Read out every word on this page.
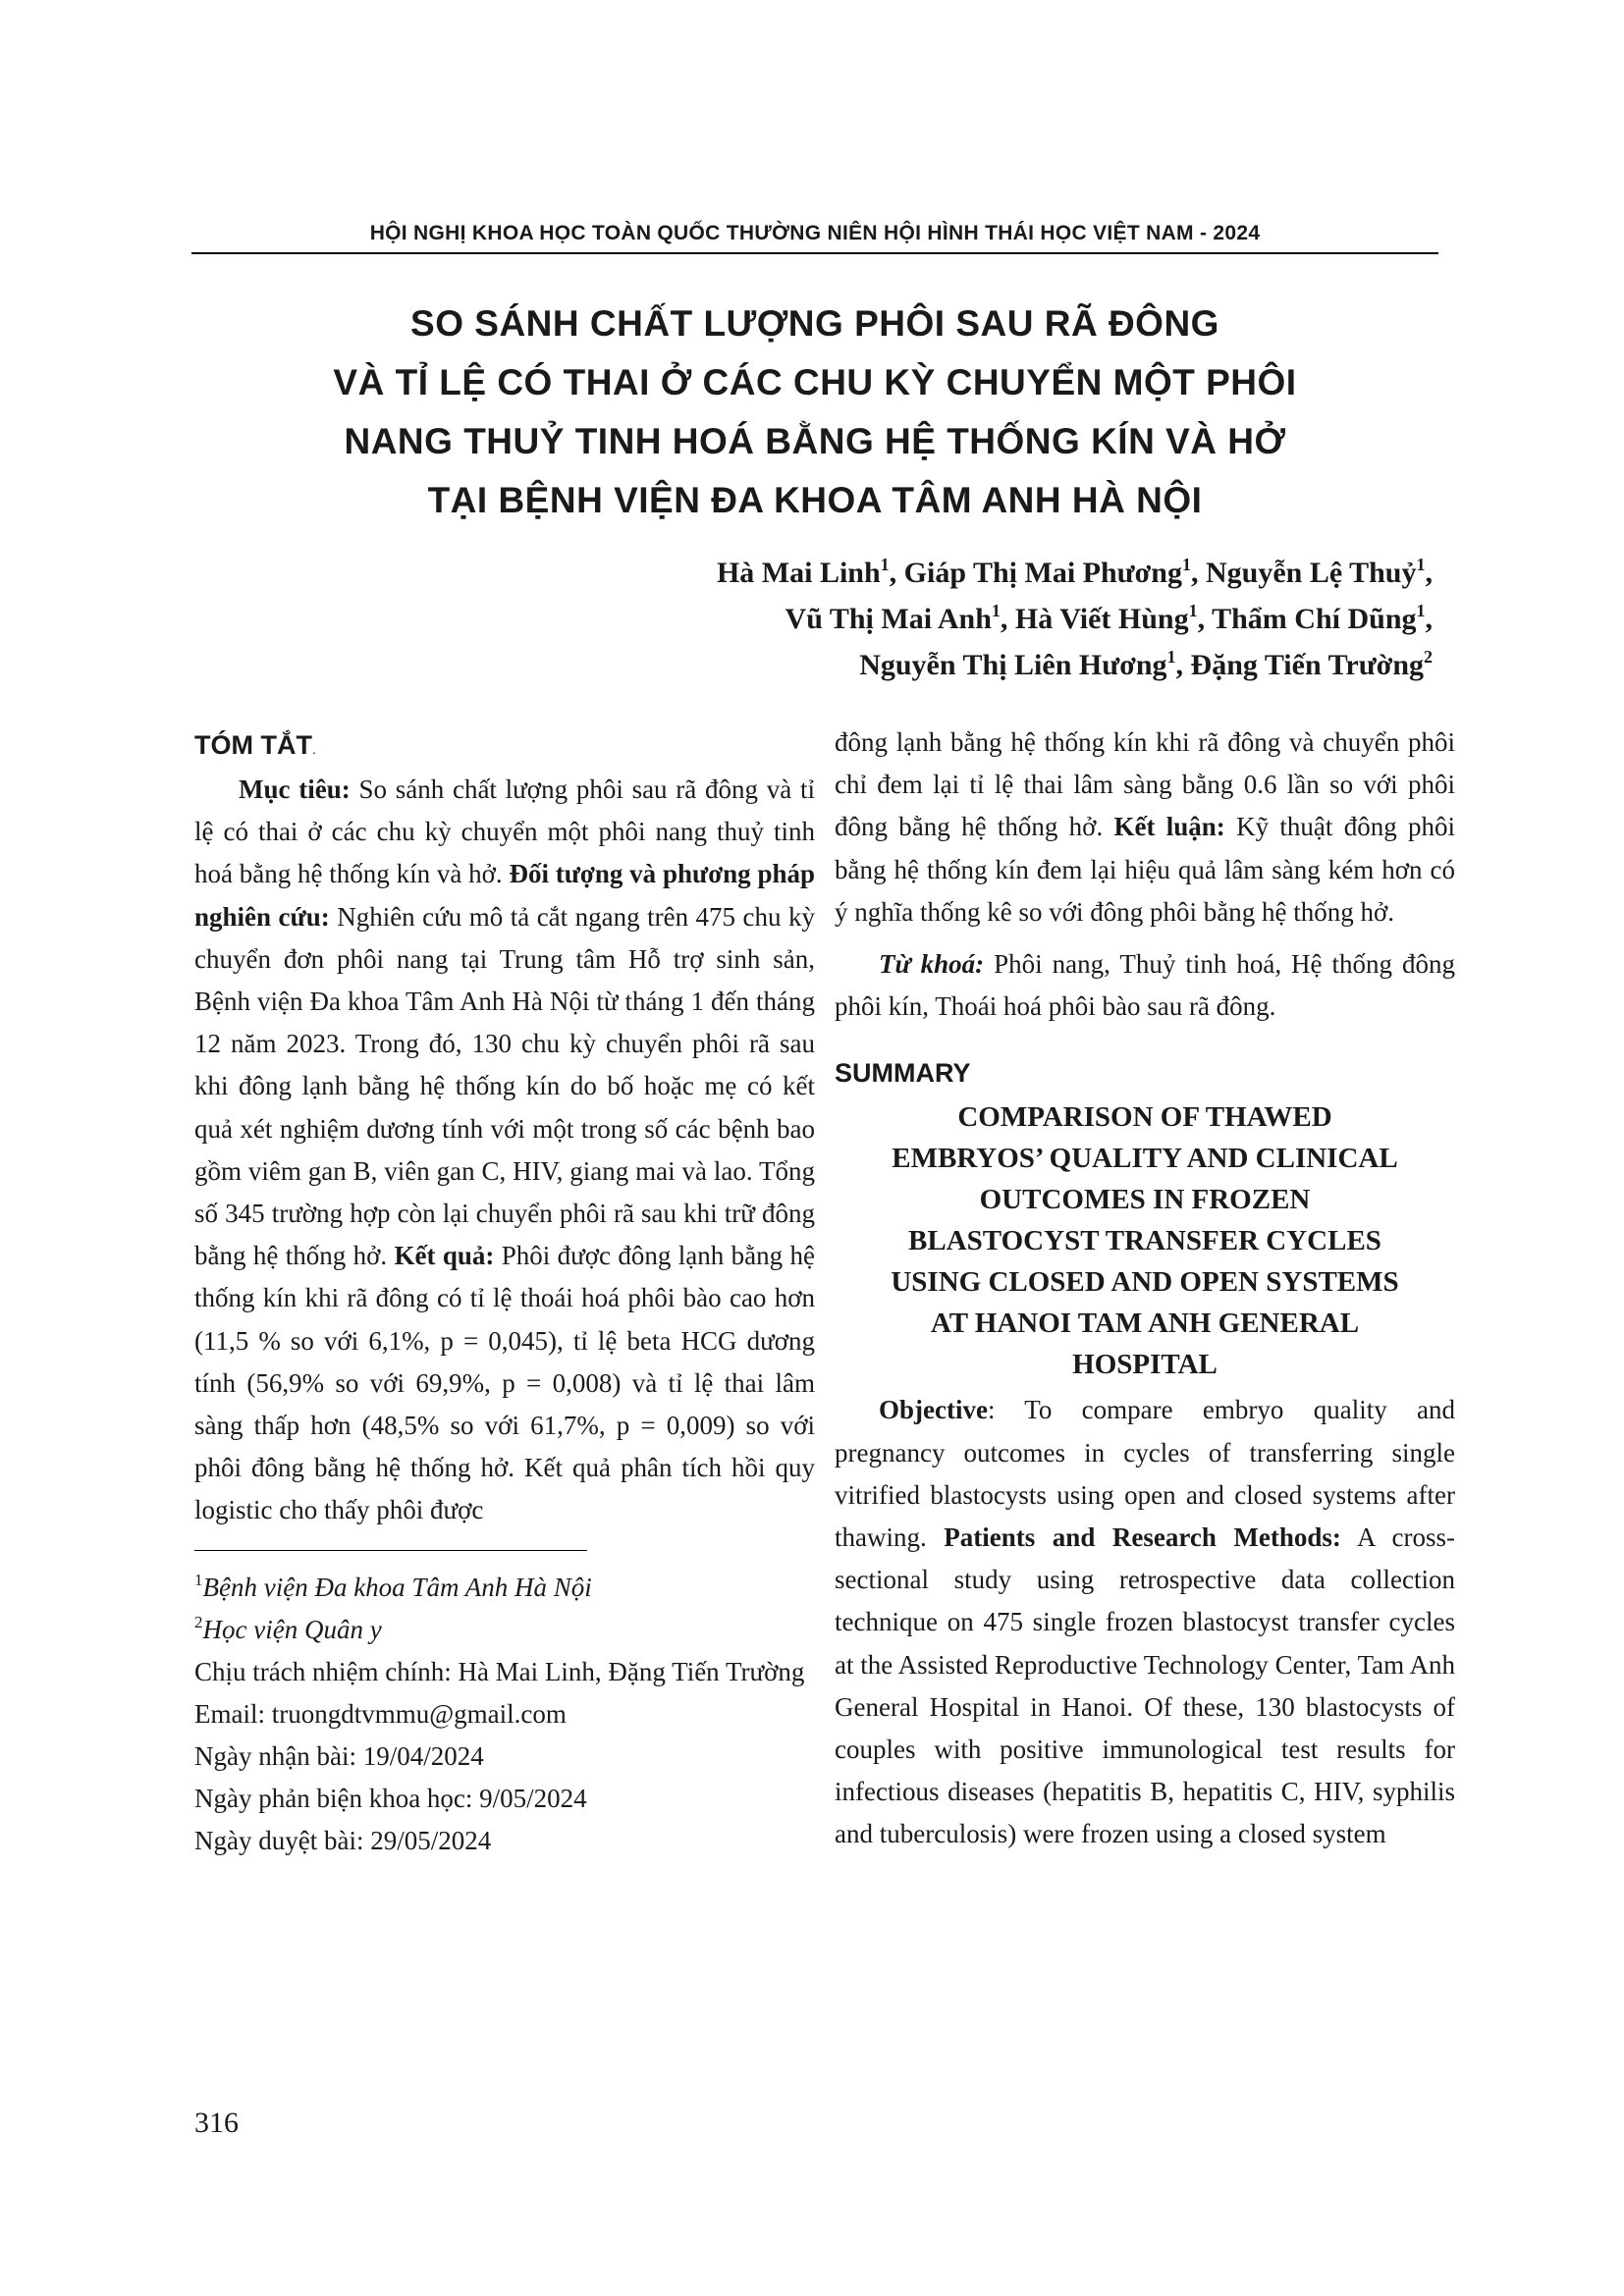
HỘI NGHỊ KHOA HỌC TOÀN QUỐC THƯỜNG NIÊN HỘI HÌNH THÁI HỌC VIỆT NAM - 2024
SO SÁNH CHẤT LƯỢNG PHÔI SAU RÃ ĐÔNG
VÀ TỈ LỆ CÓ THAI Ở CÁC CHU KỲ CHUYỂN MỘT PHÔI
NANG THUỶ TINH HOÁ BẰNG HỆ THỐNG KÍN VÀ HỞ
TẠI BỆNH VIỆN ĐA KHOA TÂM ANH HÀ NỘI
Hà Mai Linh$^1$, Giáp Thị Mai Phương$^1$, Nguyễn Lệ Thuỷ$^1$,
Vũ Thị Mai Anh$^1$, Hà Viết Hùng$^1$, Thẩm Chí Dũng$^1$,
Nguyễn Thị Liên Hương$^1$, Đặng Tiến Trường$^2$
TÓM TẮT.

Mục tiêu: So sánh chất lượng phôi sau rã đông và tỉ lệ có thai ở các chu kỳ chuyển một phôi nang thuỷ tinh hoá bằng hệ thống kín và hở. Đối tượng và phương pháp nghiên cứu: Nghiên cứu mô tả cắt ngang trên 475 chu kỳ chuyển đơn phôi nang tại Trung tâm Hỗ trợ sinh sản, Bệnh viện Đa khoa Tâm Anh Hà Nội từ tháng 1 đến tháng 12 năm 2023. Trong đó, 130 chu kỳ chuyển phôi rã sau khi đông lạnh bằng hệ thống kín do bố hoặc mẹ có kết quả xét nghiệm dương tính với một trong số các bệnh bao gồm viêm gan B, viên gan C, HIV, giang mai và lao. Tổng số 345 trường hợp còn lại chuyển phôi rã sau khi trữ đông bằng hệ thống hở. Kết quả: Phôi được đông lạnh bằng hệ thống kín khi rã đông có tỉ lệ thoái hoá phôi bào cao hơn (11,5 % so với 6,1%, p = 0,045), tỉ lệ beta HCG dương tính (56,9% so với 69,9%, p = 0,008) và tỉ lệ thai lâm sàng thấp hơn (48,5% so với 61,7%, p = 0,009) so với phôi đông bằng hệ thống hở. Kết quả phân tích hồi quy logistic cho thấy phôi được

$^1$Bệnh viện Đa khoa Tâm Anh Hà Nội
$^2$Học viện Quân y
Chịu trách nhiệm chính: Hà Mai Linh, Đặng Tiến Trường
Email: truongdtvmmu@gmail.com
Ngày nhận bài: 19/04/2024
Ngày phản biện khoa học: 9/05/2024
Ngày duyệt bài: 29/05/2024

đông lạnh bằng hệ thống kín khi rã đông và chuyển phôi chỉ đem lại tỉ lệ thai lâm sàng bằng 0.6 lần so với phôi đông bằng hệ thống hở. Kết luận: Kỹ thuật đông phôi bằng hệ thống kín đem lại hiệu quả lâm sàng kém hơn có ý nghĩa thống kê so với đông phôi bằng hệ thống hở.

Từ khoá: Phôi nang, Thuỷ tinh hoá, Hệ thống đông phôi kín, Thoái hoá phôi bào sau rã đông.

SUMMARY
COMPARISON OF THAWED
EMBRYOS’ QUALITY AND CLINICAL
OUTCOMES IN FROZEN
BLASTOCYST TRANSFER CYCLES
USING CLOSED AND OPEN SYSTEMS
AT HANOI TAM ANH GENERAL
HOSPITAL

Objective: To compare embryo quality and pregnancy outcomes in cycles of transferring single vitrified blastocysts using open and closed systems after thawing. Patients and Research Methods: A cross-sectional study using retrospective data collection technique on 475 single frozen blastocyst transfer cycles at the Assisted Reproductive Technology Center, Tam Anh General Hospital in Hanoi. Of these, 130 blastocysts of couples with positive immunological test results for infectious diseases (hepatitis B, hepatitis C, HIV, syphilis and tuberculosis) were frozen using a closed system

316
